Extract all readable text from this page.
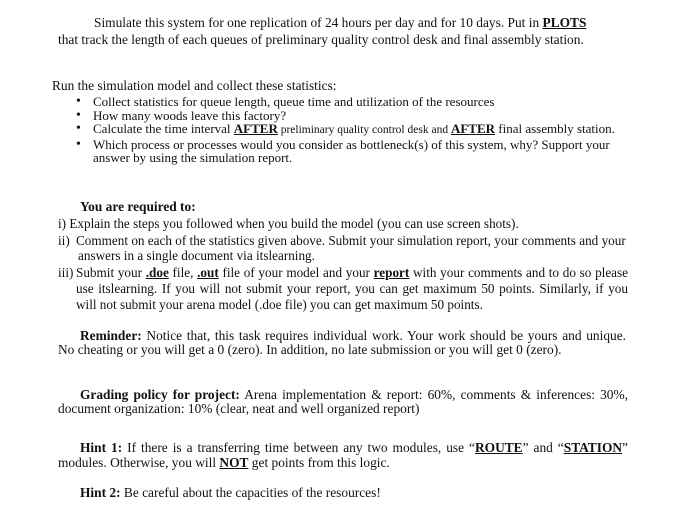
Simulate this system for one replication of 24 hours per day and for 10 days. Put in PLOTS
that track the length of each queues of preliminary quality control desk and final assembly station.
Run the simulation model and collect these statistics:
• Collect statistics for queue length, queue time and utilization of the resources
• How many woods leave this factory?
• Calculate the time interval AFTER preliminary quality control desk and AFTER final assembly station.
• Which process or processes would you consider as bottleneck(s) of this system, why? Support your answer by using the simulation report.
You are required to:
i) Explain the steps you followed when you build the model (you can use screen shots).
ii) Comment on each of the statistics given above. Submit your simulation report, your comments and your answers in a single document via itslearning.
iii) Submit your .doe file, .out file of your model and your report with your comments and to do so please use itslearning. If you will not submit your report, you can get maximum 50 points. Similarly, if you will not submit your arena model (.doe file) you can get maximum 50 points.
Reminder: Notice that, this task requires individual work. Your work should be yours and unique. No cheating or you will get a 0 (zero). In addition, no late submission or you will get 0 (zero).
Grading policy for project: Arena implementation & report: 60%, comments & inferences: 30%, document organization: 10% (clear, neat and well organized report)
Hint 1: If there is a transferring time between any two modules, use “ROUTE” and “STATION” modules. Otherwise, you will NOT get points from this logic.
Hint 2: Be careful about the capacities of the resources!
